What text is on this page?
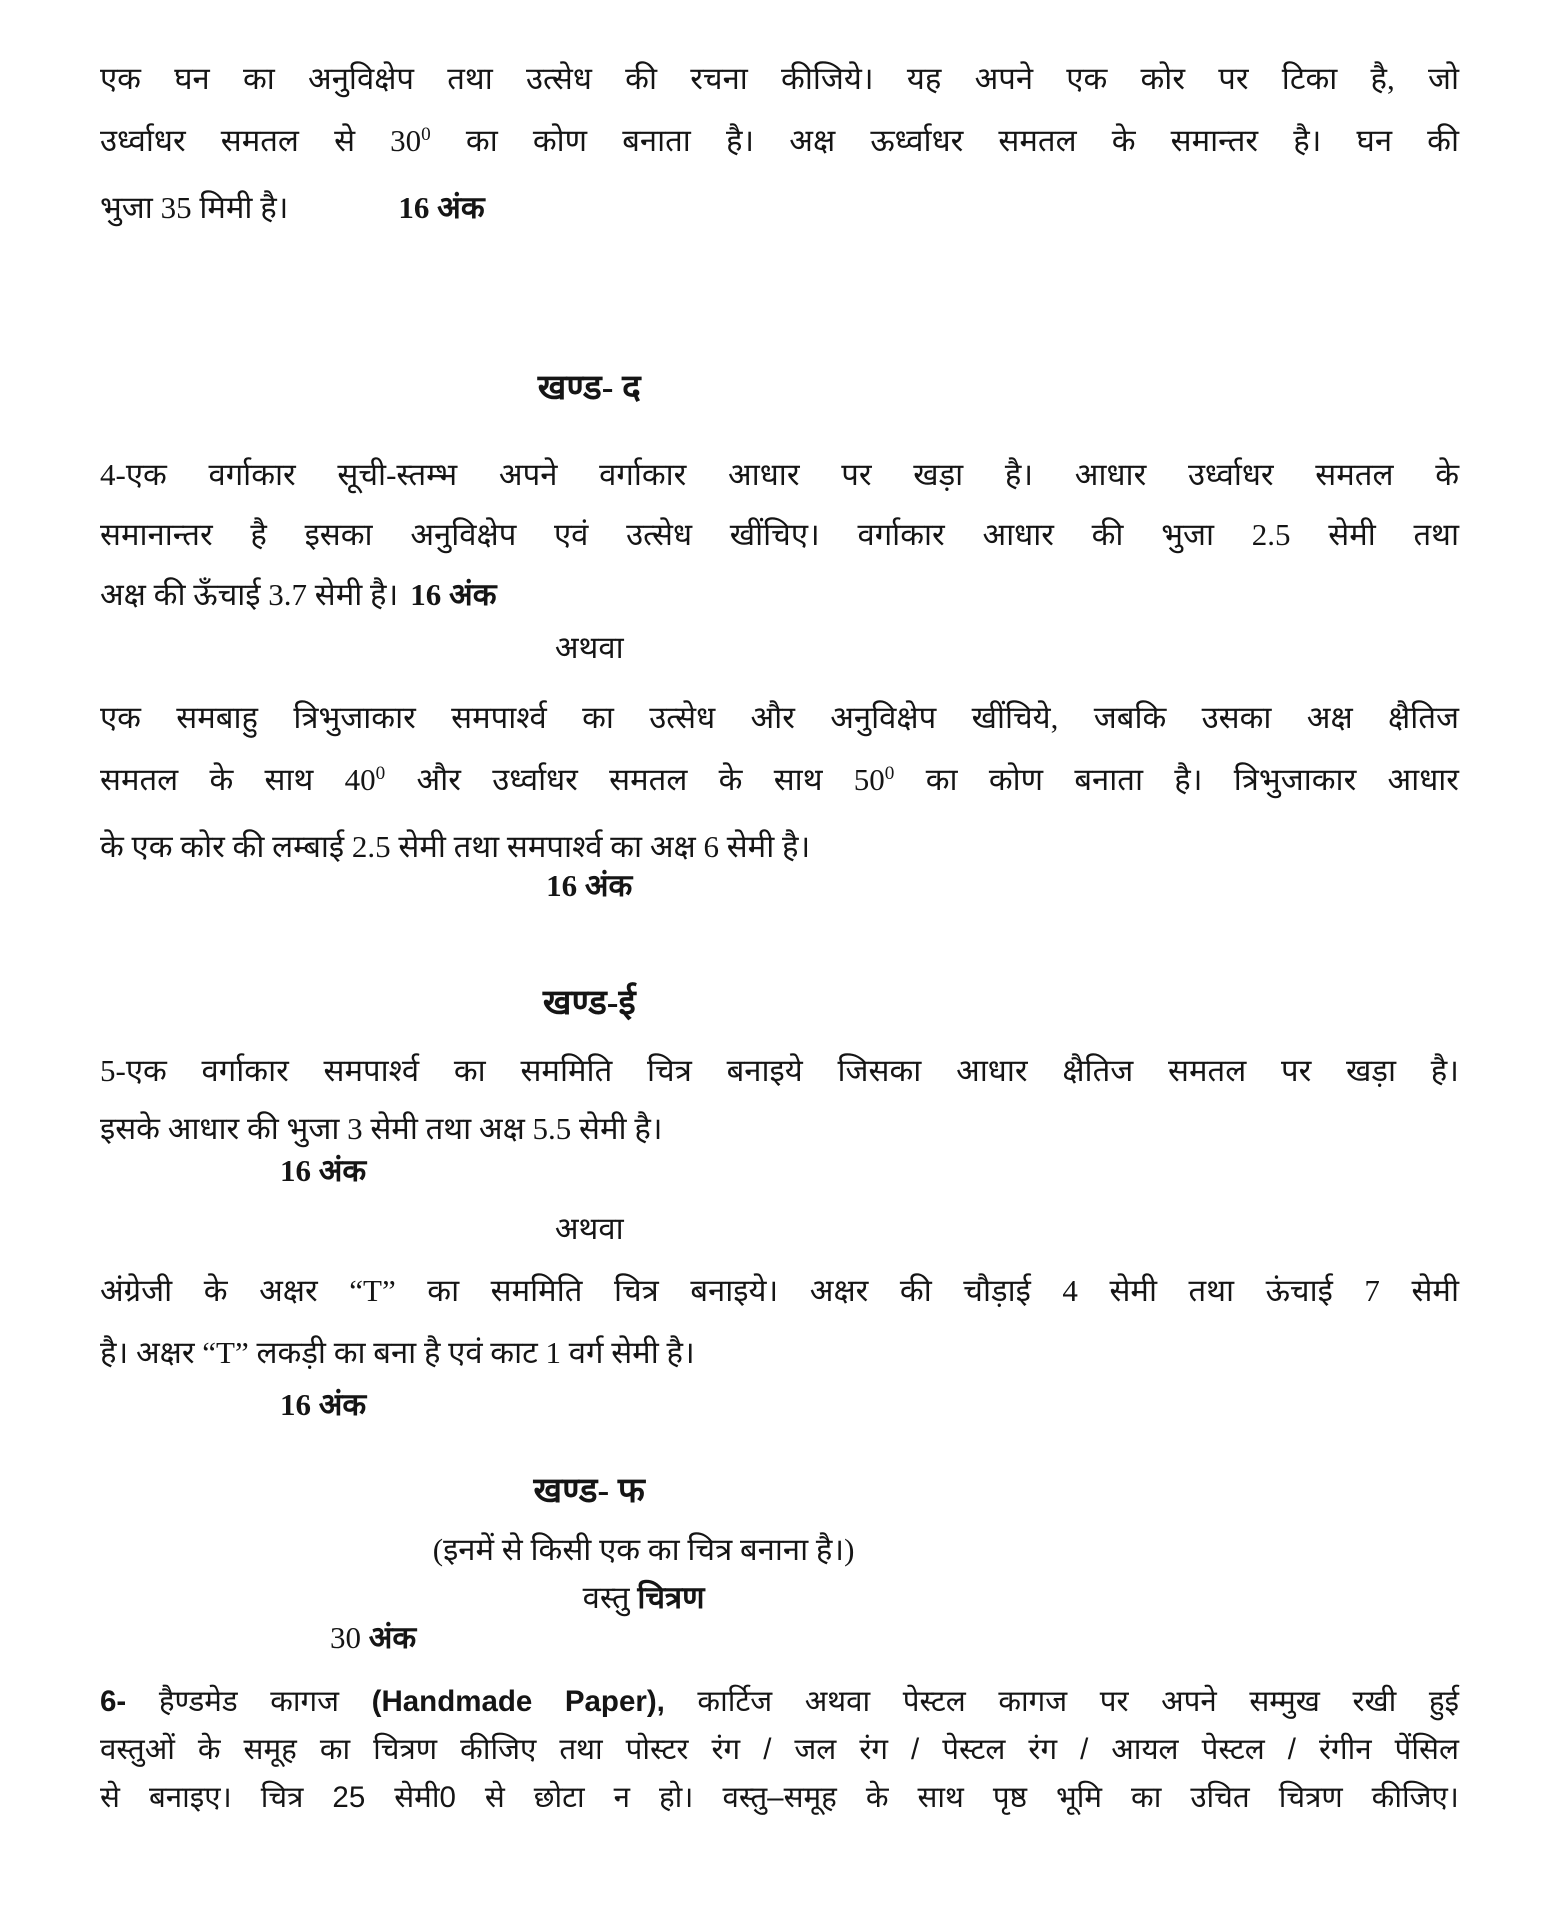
एक घन का अनुविक्षेप तथा उत्सेध की रचना कीजिये। यह अपने एक कोर पर टिका है, जो
उर्ध्वाधर समतल से $30^0$ का कोण बनाता है। अक्ष ऊर्ध्वाधर समतल के समान्तर है। घन की
भुजा 35 मिमी है।	16 अंक
खण्ड- द
4-एक वर्गाकार सूची-स्तम्भ अपने वर्गाकार आधार पर खड़ा है। आधार उर्ध्वाधर समतल के
समानान्तर है इसका अनुविक्षेप एवं उत्सेध खींचिए। वर्गाकार आधार की भुजा 2.5 सेमी तथा
अक्ष की ऊँचाई 3.7 सेमी है। 16 अंक
अथवा
एक समबाहु त्रिभुजाकार समपार्श्व का उत्सेध और अनुविक्षेप खींचिये, जबकि उसका अक्ष क्षैतिज
समतल के साथ $40^0$ और उर्ध्वाधर समतल के साथ $50^0$ का कोण बनाता है। त्रिभुजाकार आधार
के एक कोर की लम्बाई 2.5 सेमी तथा समपार्श्व का अक्ष 6 सेमी है।
16 अंक
खण्ड-ई
5-एक वर्गाकार समपार्श्व का सममिति चित्र बनाइये जिसका आधार क्षैतिज समतल पर खड़ा है।
इसके आधार की भुजा 3 सेमी तथा अक्ष 5.5 सेमी है।
16 अंक
अथवा
अंग्रेजी के अक्षर “T” का सममिति चित्र बनाइये। अक्षर की चौड़ाई 4 सेमी तथा ऊंचाई 7 सेमी
है। अक्षर “T” लकड़ी का बना है एवं काट 1 वर्ग सेमी है।
16 अंक
खण्ड- फ
(इनमें से किसी एक का चित्र बनाना है।)
वस्तु चित्रण
30 अंक
6- हैण्डमेड कागज (Handmade Paper), कार्टिज अथवा पेस्टल कागज पर अपने सम्मुख रखी हुई
वस्तुओं के समूह का चित्रण कीजिए तथा पोस्टर रंग / जल रंग / पेस्टल रंग / आयल पेस्टल / रंगीन पेंसिल
से बनाइए। चित्र 25 सेमी0 से छोटा न हो। वस्तु–समूह के साथ पृष्ठ भूमि का उचित चित्रण कीजिए।
